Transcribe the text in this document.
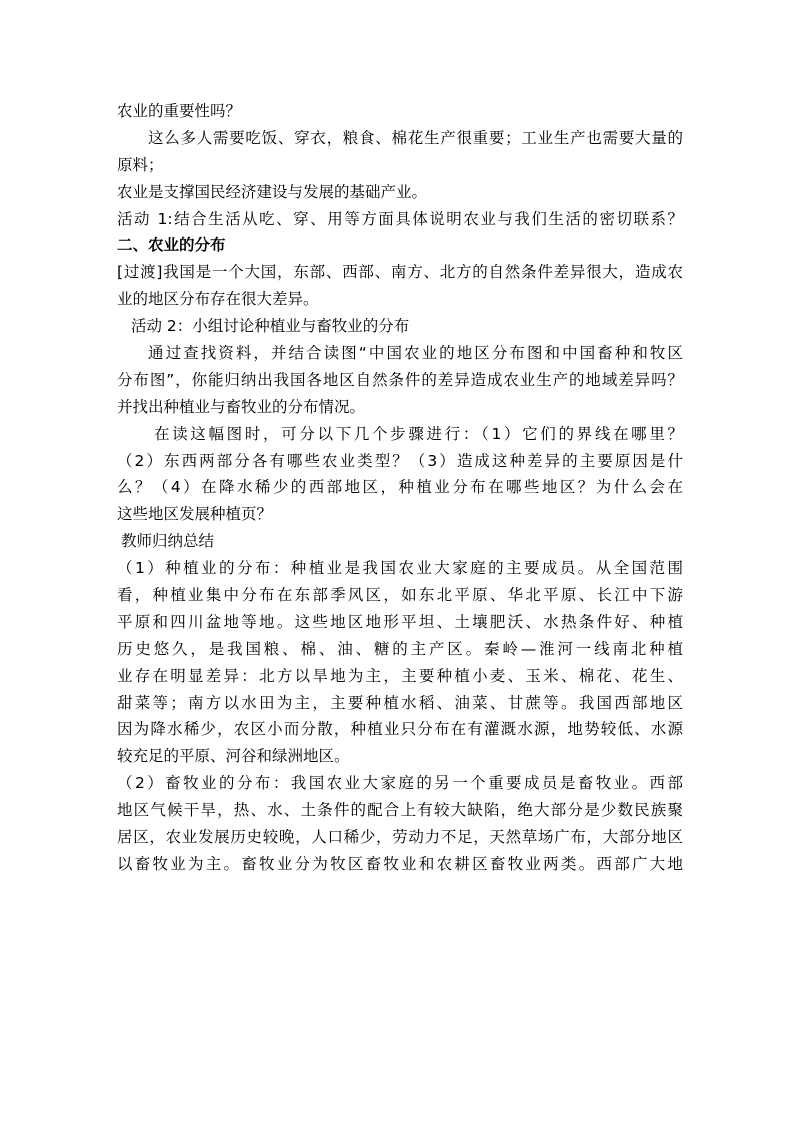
农业的重要性吗？
这么多人需要吃饭、穿衣，粮食、棉花生产很重要；工业生产也需要大量的
原料；
农业是支撑国民经济建设与发展的基础产业。
活动 1:结合生活从吃、穿、用等方面具体说明农业与我们生活的密切联系？
二、农业的分布
[过渡]我国是一个大国，东部、西部、南方、北方的自然条件差异很大，造成农
业的地区分布存在很大差异。
活动 2：小组讨论种植业与畜牧业的分布
通过查找资料，并结合读图“中国农业的地区分布图和中国畜种和牧区
分布图”，你能归纳出我国各地区自然条件的差异造成农业生产的地域差异吗？
并找出种植业与畜牧业的分布情况。
在读这幅图时，可分以下几个步骤进行：（1）它们的界线在哪里？
（2）东西两部分各有哪些农业类型？（3）造成这种差异的主要原因是什
么？（4）在降水稀少的西部地区，种植业分布在哪些地区？为什么会在
这些地区发展种植页？
教师归纳总结
（1）种植业的分布：种植业是我国农业大家庭的主要成员。从全国范围
看，种植业集中分布在东部季风区，如东北平原、华北平原、长江中下游
平原和四川盆地等地。这些地区地形平坦、土壤肥沃、水热条件好、种植
历史悠久，是我国粮、棉、油、糖的主产区。秦岭—淮河一线南北种植
业存在明显差异：北方以旱地为主，主要种植小麦、玉米、棉花、花生、
甜菜等；南方以水田为主，主要种植水稻、油菜、甘蔗等。我国西部地区
因为降水稀少，农区小而分散，种植业只分布在有灌溉水源，地势较低、水源
较充足的平原、河谷和绿洲地区。
（2）畜牧业的分布：我国农业大家庭的另一个重要成员是畜牧业。西部
地区气候干旱，热、水、土条件的配合上有较大缺陷，绝大部分是少数民族聚
居区，农业发展历史较晚，人口稀少，劳动力不足，天然草场广布，大部分地区
以畜牧业为主。畜牧业分为牧区畜牧业和农耕区畜牧业两类。西部广大地
